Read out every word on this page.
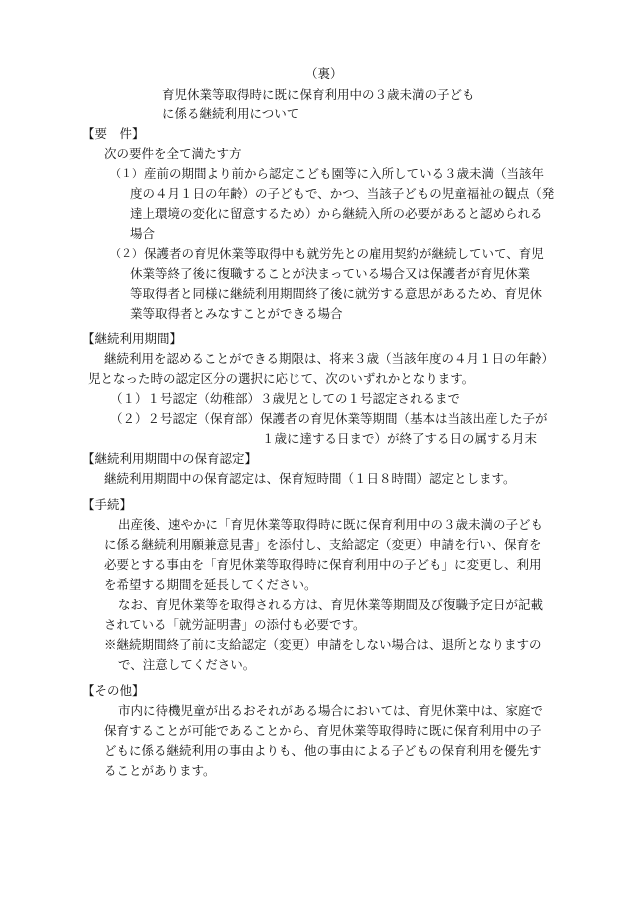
（裏）
育児休業等取得時に既に保育利用中の３歳未満の子ども
に係る継続利用について
【要　件】
次の要件を全て満たす方
（１） 産前の期間より前から認定こども園等に入所している３歳未満（当該年
度の４月１日の年齢）の子どもで、かつ、当該子どもの児童福祉の観点（発
達上環境の変化に留意するため）から継続入所の必要があると認められる
場合
（２） 保護者の育児休業等取得中も就労先との雇用契約が継続していて、育児
休業等終了後に復職することが決まっている場合又は保護者が育児休業
等取得者と同様に継続利用期間終了後に就労する意思があるため、育児休
業等取得者とみなすことができる場合
【継続利用期間】
継続利用を認めることができる期限は、将来３歳（当該年度の４月１日の年齢）
児となった時の認定区分の選択に応じて、次のいずれかとなります。
（１）１号認定（幼稚部）３歳児としての１号認定されるまで
（２）２号認定（保育部）保護者の育児休業等期間（基本は当該出産した子が
１歳に達する日まで）が終了する日の属する月末
【継続利用期間中の保育認定】
継続利用期間中の保育認定は、保育短時間（１日８時間）認定とします。
【手続】
出産後、速やかに「育児休業等取得時に既に保育利用中の３歳未満の子ども
に係る継続利用願兼意見書」を添付し、支給認定（変更）申請を行い、保育を
必要とする事由を「育児休業等取得時に保育利用中の子ども」に変更し、利用
を希望する期間を延長してください。
なお、育児休業等を取得される方は、育児休業等期間及び復職予定日が記載
されている「就労証明書」の添付も必要です。
※継続期間終了前に支給認定（変更）申請をしない場合は、退所となりますの
で、注意してください。
【その他】
市内に待機児童が出るおそれがある場合においては、育児休業中は、家庭で
保育することが可能であることから、育児休業等取得時に既に保育利用中の子
どもに係る継続利用の事由よりも、他の事由による子どもの保育利用を優先す
ることがあります。
